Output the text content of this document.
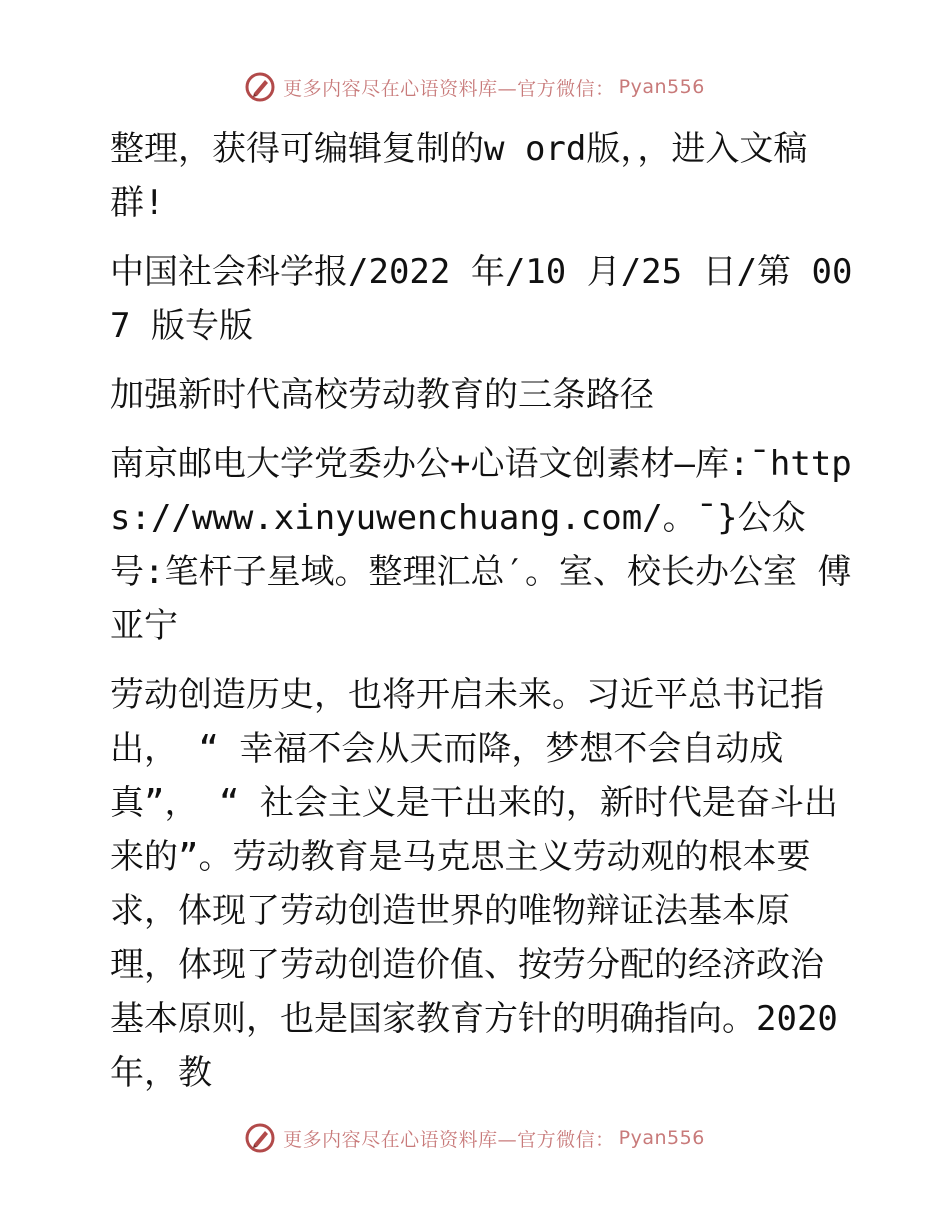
更多内容尽在心语资料库—官方微信： Pyan556

整理，获得可编辑复制的w ord版，，进入文稿群!

中国社会科学报/2022 年/10 月/25 日/第 007 版专版

加强新时代高校劳动教育的三条路径

南京邮电大学党委办公+心语文创素材—库:¯https://www.xinyuwenchuang.com/。¯}公众号:笔杆子星域。整理汇总′。室、校长办公室 傅亚宁

劳动创造历史，也将开启未来。习近平总书记指出， “ 幸福不会从天而降，梦想不会自动成真”， “ 社会主义是干出来的，新时代是奋斗出来的”。劳动教育是马克思主义劳动观的根本要求，体现了劳动创造世界的唯物辩证法基本原理，体现了劳动创造价值、按劳分配的经济政治基本原则，也是国家教育方针的明确指向。2020 年，教

更多内容尽在心语资料库—官方微信： Pyan556
